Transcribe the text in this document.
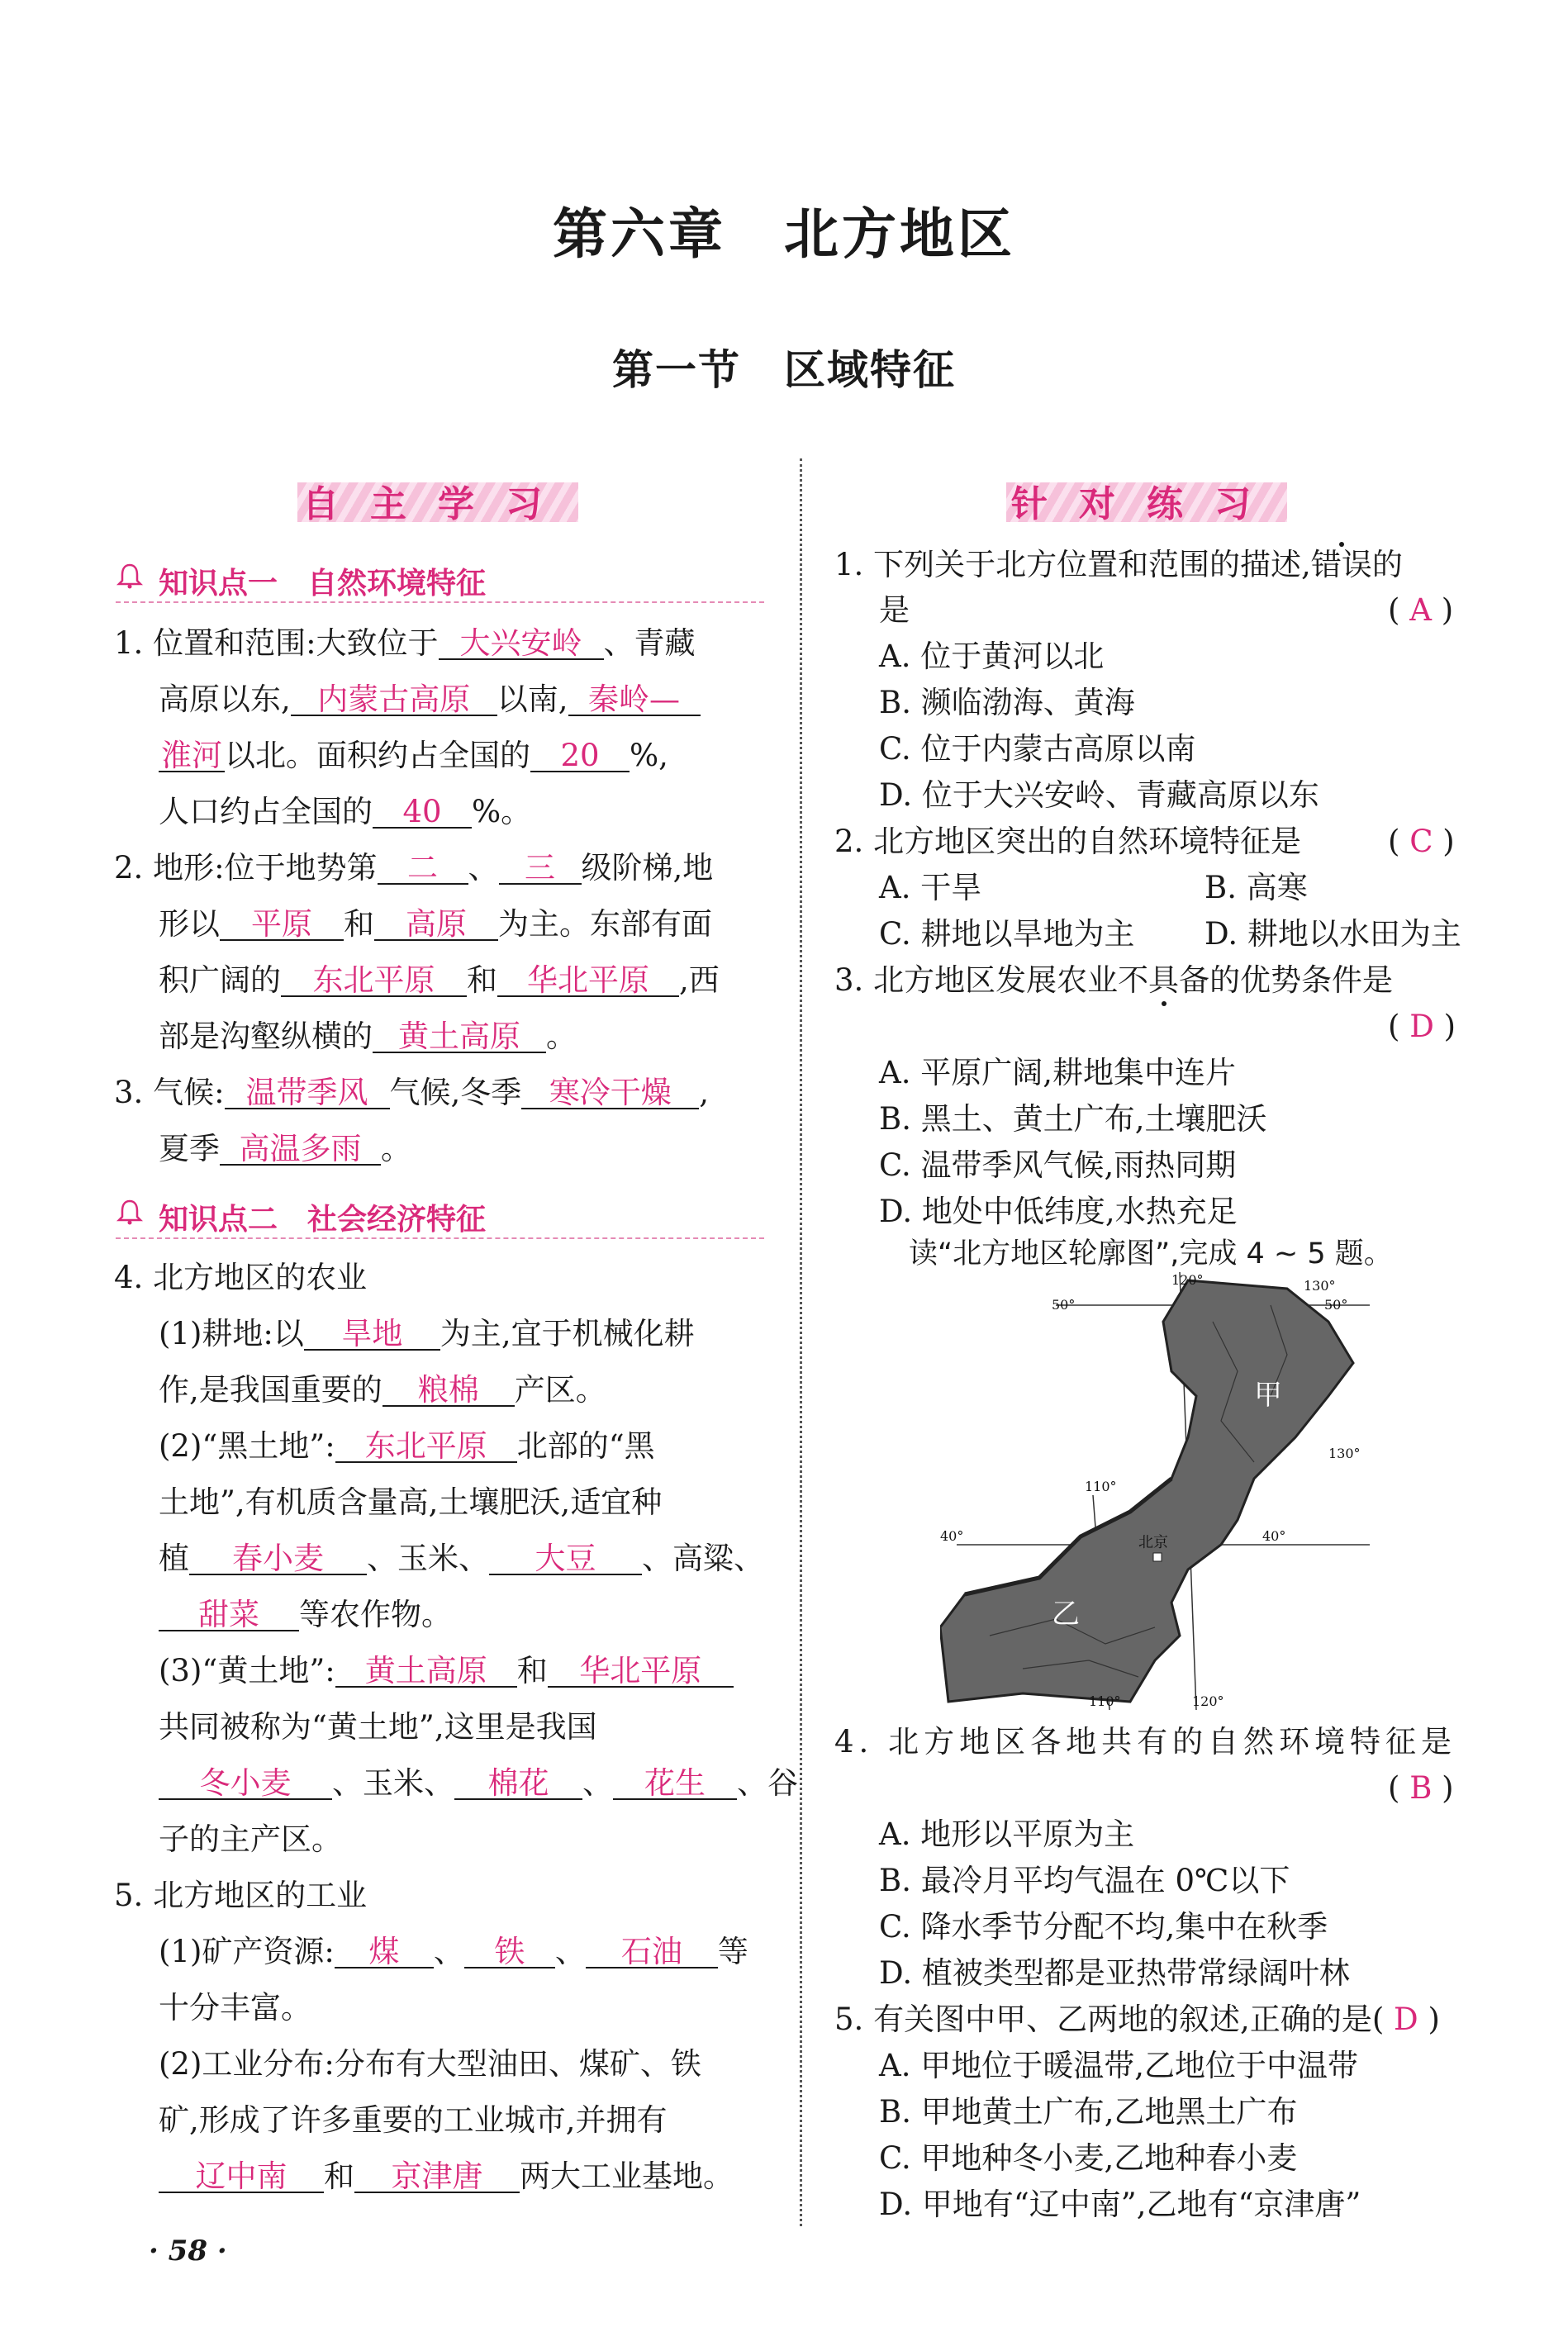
第六章　北方地区
第一节　区域特征
自主学习
知识点一　自然环境特征
1. 位置和范围:大致位于 大兴安岭 、青藏
高原以东, 内蒙古高原 以南, 秦岭—
淮河以北。面积约占全国的 20 %,
人口约占全国的 40 %。
2. 地形:位于地势第 二 、 三 级阶梯,地
形以 平原 和 高原 为主。东部有面
积广阔的 东北平原 和 华北平原 ,西
部是沟壑纵横的 黄土高原 。
3. 气候: 温带季风 气候,冬季 寒冷干燥 ,
夏季 高温多雨 。
知识点二　社会经济特征
4. 北方地区的农业
(1)耕地:以 旱地 为主,宜于机械化耕
作,是我国重要的 粮棉 产区。
(2)“黑土地”: 东北平原 北部的“黑
土地”,有机质含量高,土壤肥沃,适宜种
植 春小麦 、玉米、 大豆 、高粱、
甜菜 等农作物。
(3)“黄土地”: 黄土高原 和 华北平原
共同被称为“黄土地”,这里是我国
冬小麦 、玉米、 棉花 、 花生 、谷
子的主产区。
5. 北方地区的工业
(1)矿产资源: 煤 、 铁 、 石油 等
十分丰富。
(2)工业分布:分布有大型油田、煤矿、铁
矿,形成了许多重要的工业城市,并拥有
辽中南 和 京津唐 两大工业基地。
· 58 ·
针对练习
1. 下列关于北方位置和范围的描述,错误的
是	( A )
A. 位于黄河以北
B. 濒临渤海、黄海
C. 位于内蒙古高原以南
D. 位于大兴安岭、青藏高原以东
2. 北方地区突出的自然环境特征是	( C )
A. 干旱	B. 高寒
C. 耕地以旱地为主 D. 耕地以水田为主
3. 北方地区发展农业不具备的优势条件是
( D )
A. 平原广阔,耕地集中连片
B. 黑土、黄土广布,土壤肥沃
C. 温带季风气候,雨热同期
D. 地处中低纬度,水热充足
读“北方地区轮廓图”,完成 4 ~ 5 题。
甲
乙
北京
120°	130°
50°	50°
130°
110°
40°	40°
110°	120°
4. 北方地区各地共有的自然环境特征是
( B )
A. 地形以平原为主
B. 最冷月平均气温在 0℃以下
C. 降水季节分配不均,集中在秋季
D. 植被类型都是亚热带常绿阔叶林
5. 有关图中甲、乙两地的叙述,正确的是( D )
A. 甲地位于暖温带,乙地位于中温带
B. 甲地黄土广布,乙地黑土广布
C. 甲地种冬小麦,乙地种春小麦
D. 甲地有“辽中南”,乙地有“京津唐”
